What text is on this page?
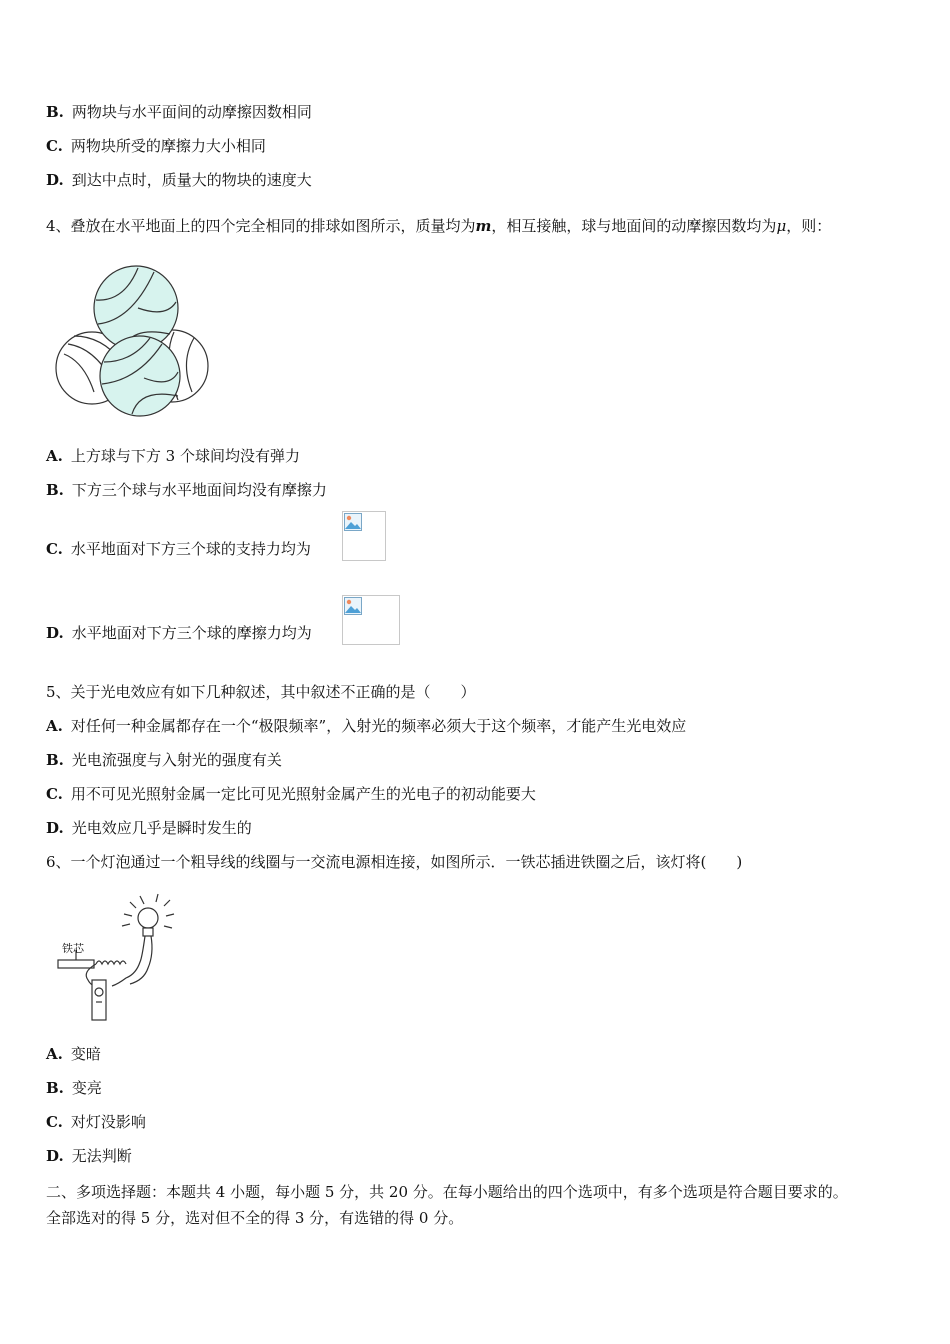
B. 两物块与水平面间的动摩擦因数相同
C. 两物块所受的摩擦力大小相同
D. 到达中点时，质量大的物块的速度大
4、叠放在水平地面上的四个完全相同的排球如图所示，质量均为m，相互接触，球与地面间的动摩擦因数均为μ，则：
A. 上方球与下方 3 个球间均没有弹力
B. 下方三个球与水平地面间均没有摩擦力
C. 水平地面对下方三个球的支持力均为
D. 水平地面对下方三个球的摩擦力均为
5、关于光电效应有如下几种叙述，其中叙述不正确的是（　　）
A. 对任何一种金属都存在一个“极限频率”，入射光的频率必须大于这个频率，才能产生光电效应
B. 光电流强度与入射光的强度有关
C. 用不可见光照射金属一定比可见光照射金属产生的光电子的初动能要大
D. 光电效应几乎是瞬时发生的
6、一个灯泡通过一个粗导线的线圈与一交流电源相连接，如图所示．一铁芯插进铁圈之后，该灯将(　　)
铁芯
A. 变暗
B. 变亮
C. 对灯没影响
D. 无法判断
二、多项选择题：本题共 4 小题，每小题 5 分，共 20 分。在每小题给出的四个选项中，有多个选项是符合题目要求的。
全部选对的得 5 分，选对但不全的得 3 分，有选错的得 0 分。
